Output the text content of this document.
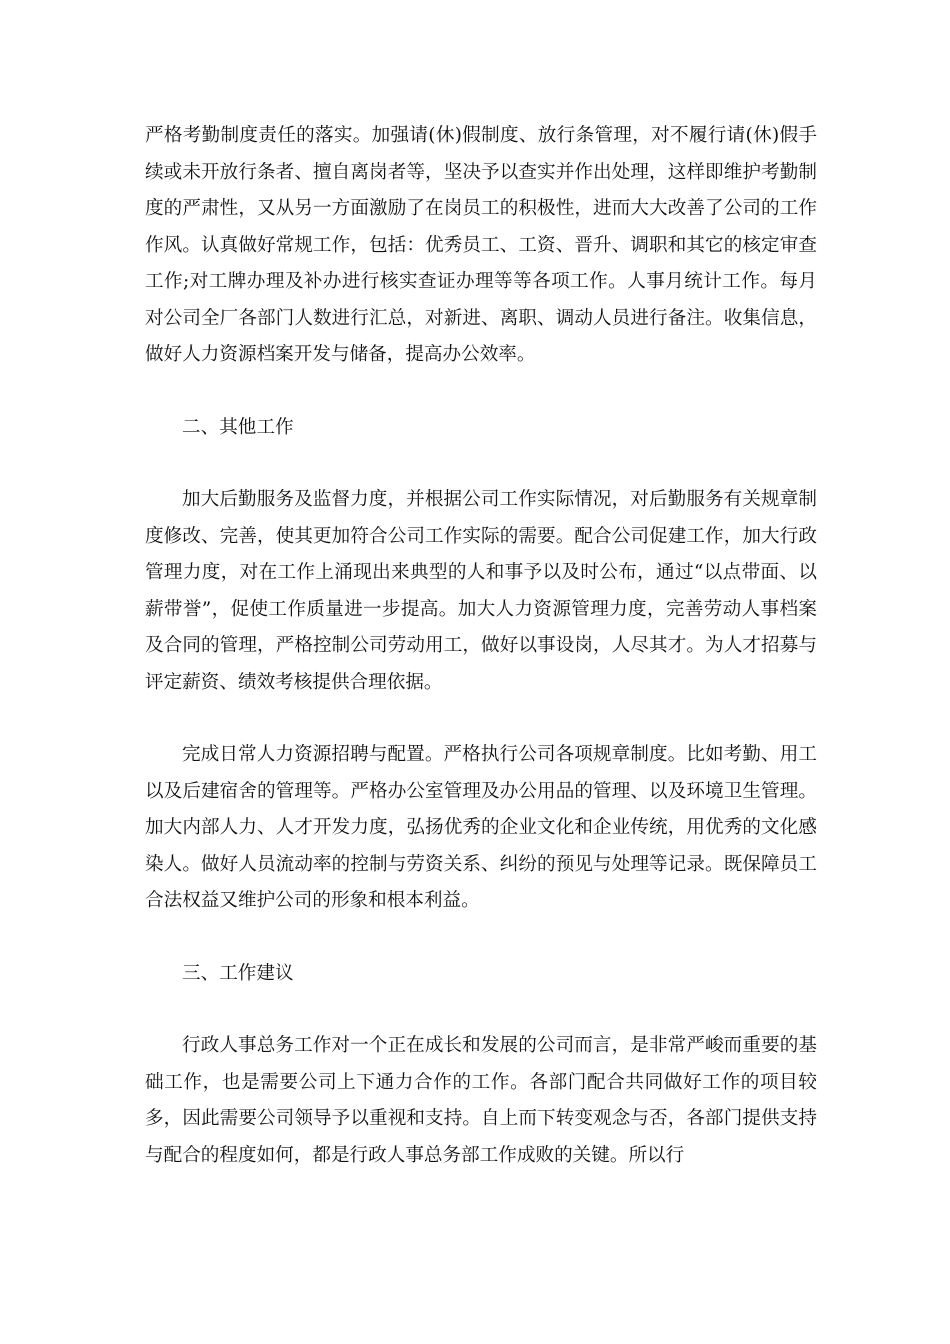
严格考勤制度责任的落实。加强请(休)假制度、放行条管理，对不履行请(休)假手续或未开放行条者、擅自离岗者等，坚决予以查实并作出处理，这样即维护考勤制度的严肃性，又从另一方面激励了在岗员工的积极性，进而大大改善了公司的工作作风。认真做好常规工作，包括：优秀员工、工资、晋升、调职和其它的核定审查工作;对工牌办理及补办进行核实查证办理等等各项工作。人事月统计工作。每月对公司全厂各部门人数进行汇总，对新进、离职、调动人员进行备注。收集信息，做好人力资源档案开发与储备，提高办公效率。

二、其他工作

加大后勤服务及监督力度，并根据公司工作实际情况，对后勤服务有关规章制度修改、完善，使其更加符合公司工作实际的需要。配合公司促建工作，加大行政管理力度，对在工作上涌现出来典型的人和事予以及时公布，通过“以点带面、以薪带誉”，促使工作质量进一步提高。加大人力资源管理力度，完善劳动人事档案及合同的管理，严格控制公司劳动用工，做好以事设岗，人尽其才。为人才招募与评定薪资、绩效考核提供合理依据。

完成日常人力资源招聘与配置。严格执行公司各项规章制度。比如考勤、用工以及后建宿舍的管理等。严格办公室管理及办公用品的管理、以及环境卫生管理。加大内部人力、人才开发力度，弘扬优秀的企业文化和企业传统，用优秀的文化感染人。做好人员流动率的控制与劳资关系、纠纷的预见与处理等记录。既保障员工合法权益又维护公司的形象和根本利益。

三、工作建议

行政人事总务工作对一个正在成长和发展的公司而言，是非常严峻而重要的基础工作，也是需要公司上下通力合作的工作。各部门配合共同做好工作的项目较多，因此需要公司领导予以重视和支持。自上而下转变观念与否，各部门提供支持与配合的程度如何，都是行政人事总务部工作成败的关键。所以行
